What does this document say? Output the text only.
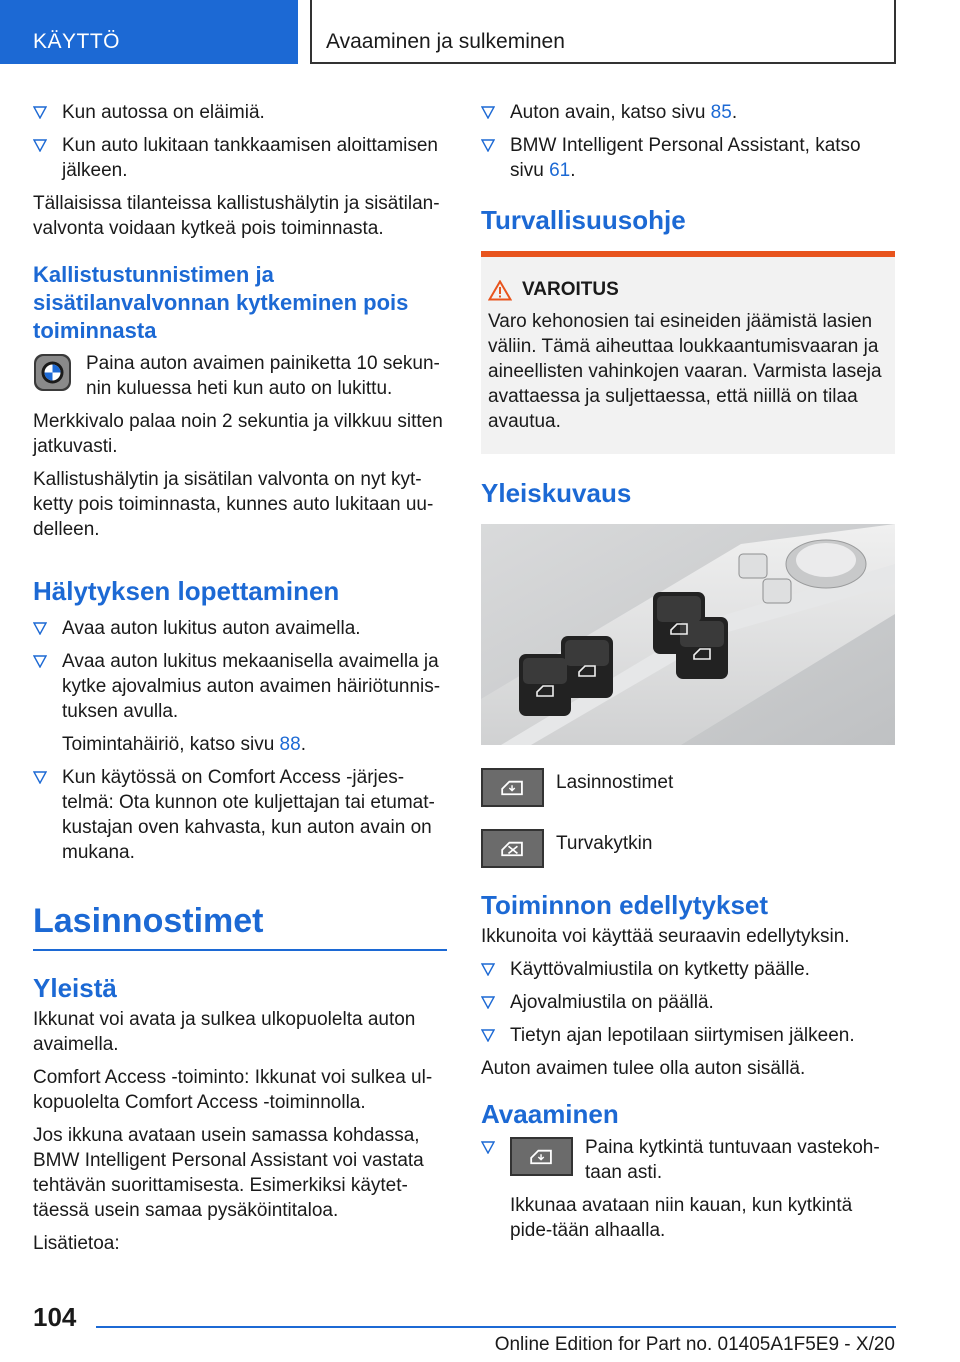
KÄYTTÖ	Avaaminen ja sulkeminen
Kun autossa on eläimiä.
Kun auto lukitaan tankkaamisen aloittamisen jälkeen.

Tällaisissa tilanteissa kallistushälytin ja sisätilan-valvonta voidaan kytkeä pois toiminnasta.

Kallistustunnistimen ja sisätilanvalvonnan kytkeminen pois toiminnasta

Paina auton avaimen painiketta 10 sekun-nin kuluessa heti kun auto on lukittu.

Merkkivalo palaa noin 2 sekuntia ja vilkkuu sitten jatkuvasti.

Kallistushälytin ja sisätilan valvonta on nyt kyt-ketty pois toiminnasta, kunnes auto lukitaan uu-delleen.

Hälytyksen lopettaminen
Avaa auton lukitus auton avaimella.
Avaa auton lukitus mekaanisella avaimella ja kytke ajovalmius auton avaimen häiriötunnis-tuksen avulla.

Toimintahäiriö, katso sivu 88.

Kun käytössä on Comfort Access -järjes-telmä: Ota kunnon ote kuljettajan tai etumat-kustajan oven kahvasta, kun auton avain on mukana.
Lasinnostimet
Yleistä

Ikkunat voi avata ja sulkea ulkopuolelta auton avaimella.

Comfort Access -toiminto: Ikkunat voi sulkea ul-kopuolelta Comfort Access -toiminnolla.

Jos ikkuna avataan usein samassa kohdassa, BMW Intelligent Personal Assistant voi vastata tehtävän suorittamisesta. Esimerkiksi käytet-täessä usein samaa pysäköintitaloa.

Lisätietoa:

Auton avain, katso sivu 85.
BMW Intelligent Personal Assistant, katso sivu 61.
Turvallisuusohje
VAROITUS

Varo kehonosien tai esineiden jäämistä lasien väliin. Tämä aiheuttaa loukkaantumisvaaran ja aineellisten vahinkojen vaaran. Varmista laseja avattaessa ja suljettaessa, että niillä on tilaa avautua.

Yleiskuvaus

Lasinnostimet

Turvakytkin

Toiminnon edellytykset

Ikkunoita voi käyttää seuraavin edellytyksin.

Käyttövalmiustila on kytketty päälle.
Ajovalmiustila on päällä.
Tietyn ajan lepotilaan siirtymisen jälkeen.

Auton avaimen tulee olla auton sisällä.

Avaaminen
Paina kytkintä tuntuvaan vastekoh-taan asti.

Ikkunaa avataan niin kauan, kun kytkintä pide-tään alhaalla.

104
Online Edition for Part no. 01405A1F5E9 - X/20
